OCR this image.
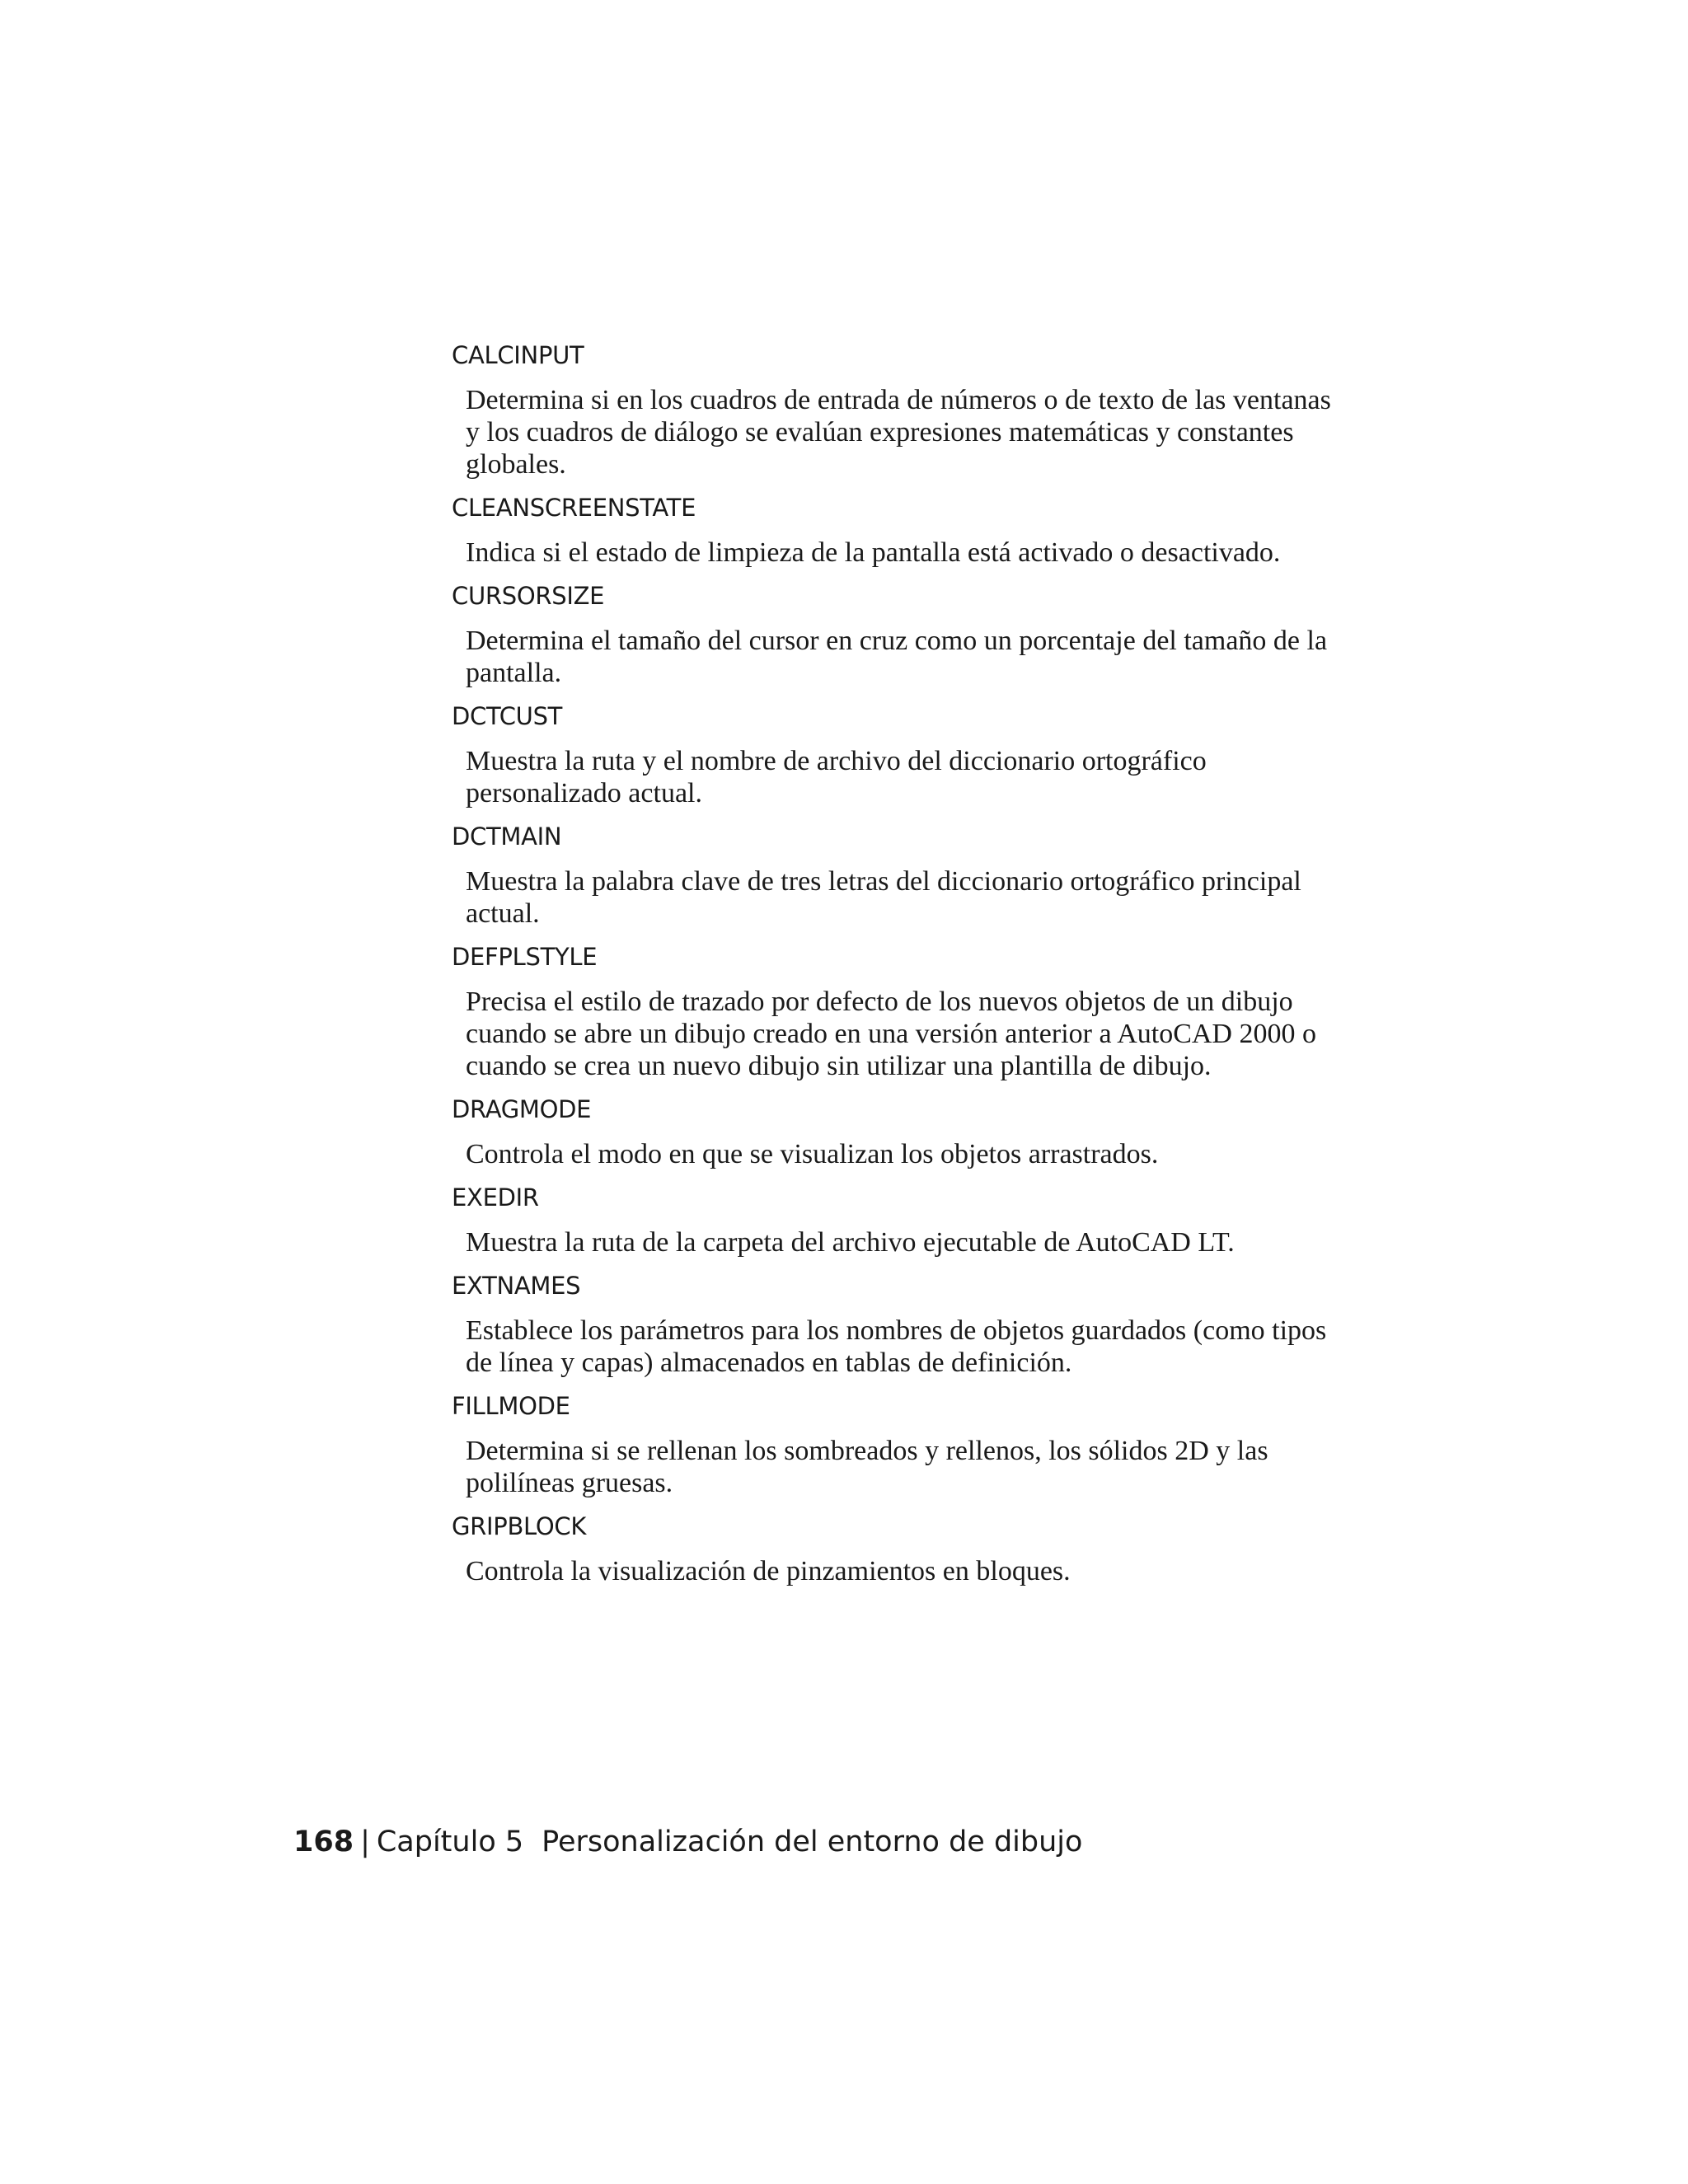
CALCINPUT

Determina si en los cuadros de entrada de números o de texto de las ventanas y los cuadros de diálogo se evalúan expresiones matemáticas y constantes globales.

CLEANSCREENSTATE

Indica si el estado de limpieza de la pantalla está activado o desactivado.

CURSORSIZE

Determina el tamaño del cursor en cruz como un porcentaje del tamaño de la pantalla.

DCTCUST

Muestra la ruta y el nombre de archivo del diccionario ortográfico personalizado actual.

DCTMAIN

Muestra la palabra clave de tres letras del diccionario ortográfico principal actual.

DEFPLSTYLE

Precisa el estilo de trazado por defecto de los nuevos objetos de un dibujo cuando se abre un dibujo creado en una versión anterior a AutoCAD 2000 o cuando se crea un nuevo dibujo sin utilizar una plantilla de dibujo.

DRAGMODE

Controla el modo en que se visualizan los objetos arrastrados.

EXEDIR

Muestra la ruta de la carpeta del archivo ejecutable de AutoCAD LT.

EXTNAMES

Establece los parámetros para los nombres de objetos guardados (como tipos de línea y capas) almacenados en tablas de definición.

FILLMODE

Determina si se rellenan los sombreados y rellenos, los sólidos 2D y las polilíneas gruesas.

GRIPBLOCK

Controla la visualización de pinzamientos en bloques.

168 | Capítulo 5 Personalización del entorno de dibujo
